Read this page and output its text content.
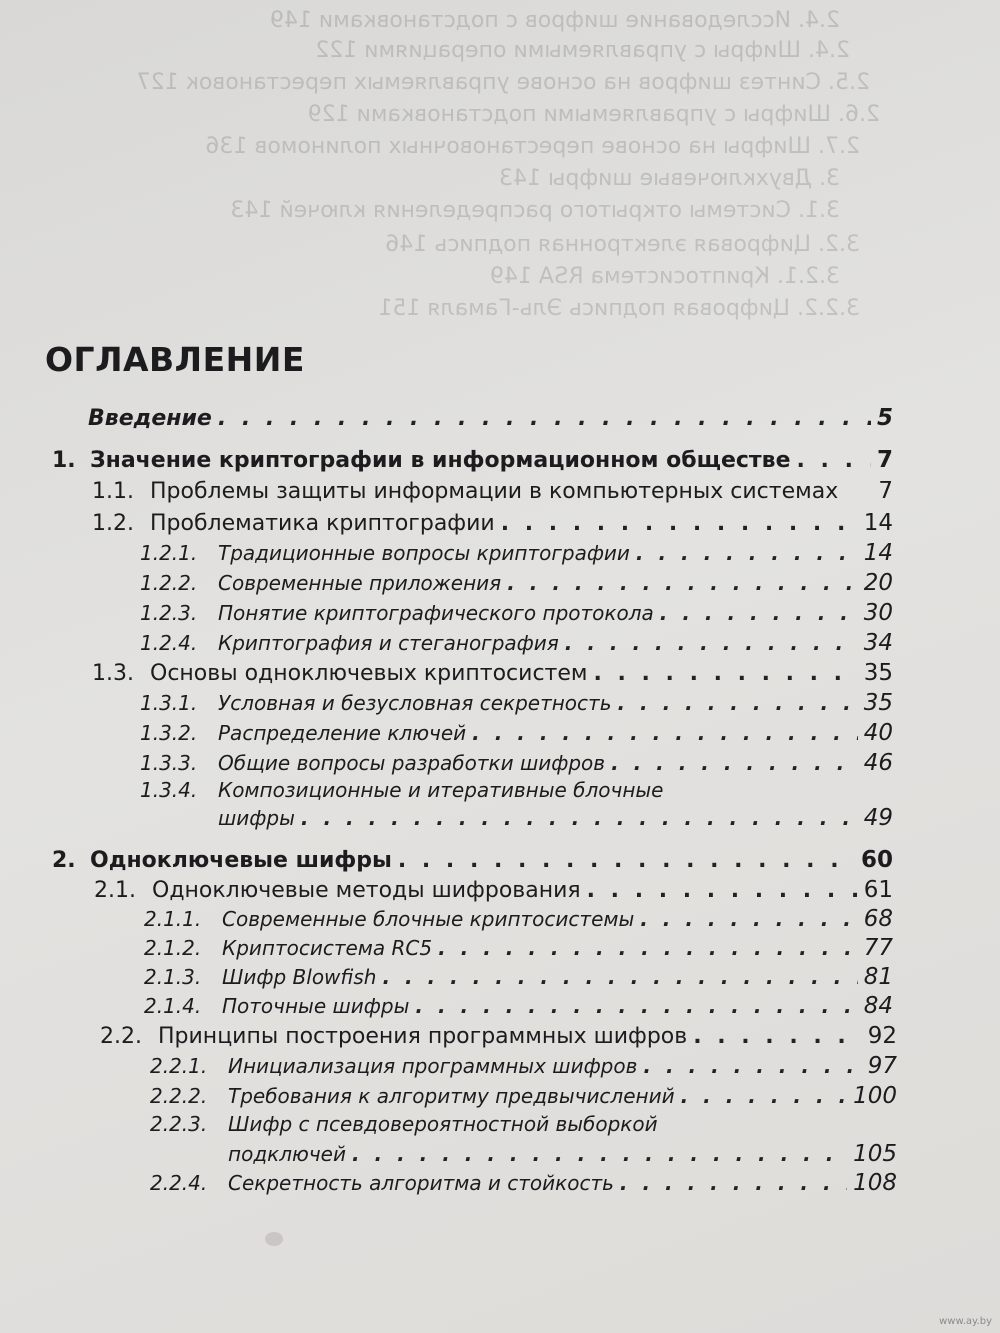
2.4. Исследование шифров с подстановками 149
2.4. Шифры с управляемыми операциями 122
2.5. Синтез шифров на основе управляемых перестановок 127
2.6. Шифры с управляемыми подстановками 129
2.7. Шифры на основе перестановочных полиномов 136
3. Двухключевые шифры 143
3.1. Системы открытого распределения ключей 143
3.2. Цифровая электронная подпись 146
3.2.1. Криптосистема RSA 149
3.2.2. Цифровая подпись Эль-Гамаля 151
ОГЛАВЛЕНИЕ
Введение . . .	5
1. Значение криптографии в информационном обществе . . .	7
1.1. Проблемы защиты информации в компьютерных системах 7
1.2. Проблематика криптографии . . .	14
1.2.1.	Традиционные вопросы криптографии . . .	14
1.2.2.	Современные приложения . . .	20
1.2.3.	Понятие криптографического протокола . . .	30
1.2.4.	Криптография и стеганография . . .	34
1.3. Основы одноключевых криптосистем . . .	35
1.3.1.	Условная и безусловная секретность . . .	35
1.3.2.	Распределение ключей . . .	40
1.3.3.	Общие вопросы разработки шифров . . .	46
1.3.4.	Композиционные и итеративные блочные
шифры . . .	49
2. Одноключевые шифры . . .	60
2.1. Одноключевые методы шифрования . . .	61
2.1.1.	Современные блочные криптосистемы . . .	68
2.1.2.	Криптосистема RC5 . . .	77
2.1.3.	Шифр Blowfish . . .	81
2.1.4.	Поточные шифры . . .	84
2.2. Принципы построения программных шифров . . .	92
2.2.1.	Инициализация программных шифров . . .	97
2.2.2.	Требования к алгоритму предвычислений . . .	100
2.2.3.	Шифр с псевдовероятностной выборкой
подключей . . .	105
2.2.4.	Секретность алгоритма и стойкость . . .	108
www.ay.by
